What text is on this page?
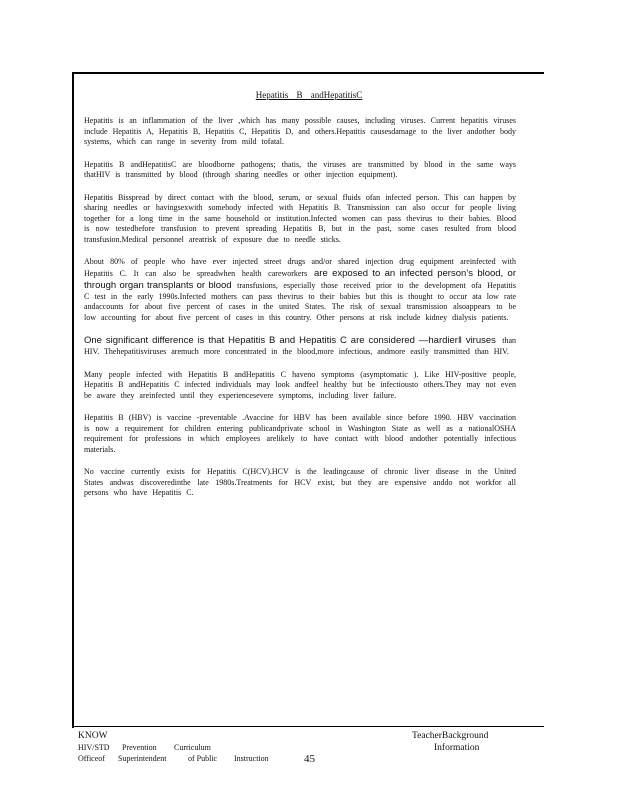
Hepatitis B andHepatitisC

Hepatitis is an inflammation of the liver ,which has many possible causes, including viruses. Current hepatitis viruses include Hepatitis A, Hepatitis B, Hepatitis C, Hepatitis D, and others.Hepatitis causesdamage to the liver andother body systems, which can range in severity from mild tofatal.

Hepatitis B andHepatitisC are bloodborne pathogens; thatis, the viruses are transmitted by blood in the same ways thatHIV is transmitted by blood (through sharing needles or other injection equipment).

Hepatitis Bisspread by direct contact with the blood, serum, or sexual fluids ofan infected person. This can happen by sharing needles or havingsexwith somebody infected with Hepatitis B. Transmission can also occur for people living together for a long time in the same household or institution.Infected women can pass thevirus to their babies. Blood is now testedbefore transfusion to prevent spreading Hepatitis B, but in the past, some cases resulted from blood transfusion.Medical personnel areatrisk of exposure due to needle sticks.

About 80% of people who have ever injected street drugs and/or shared injection drug equipment areinfected with Hepatitis C. It can also be spreadwhen health careworkers are exposed to an infected person’s blood, or through organ transplants or blood transfusions, especially those received prior to the development ofa Hepatitis C test in the early 1990s.Infected mothers can pass thevirus to their babies but this is thought to occur ata low rate andaccounts for about five percent of cases in the united States. The risk of sexual transmission alsoappears to be low accounting for about five percent of cases in this country. Other persons at risk include kidney dialysis patients.

One significant difference is that Hepatitis B and Hepatitis C are considered ―hardier‖ viruses than HIV. Thehepatitisviruses aremuch more concentrated in the blood,more infectious, andmore easily transmitted than HIV.

Many people infected with Hepatitis B andHepatitis C haveno symptoms (asymptomatic ). Like HIV-positive people, Hepatitis B andHepatitis C infected individuals may look andfeel healthy but be infectiousto others.They may not even be aware they areinfected until they experiencesevere symptoms, including liver failure.

Hepatitis B (HBV) is vaccine -preventable .Avaccine for HBV has been available since before 1990. HBV vaccination is now a requirement for children entering publicandprivate school in Washington State as well as a nationalOSHA requirement for professions in which employees arelikely to have contact with blood andother potentially infectious materials.

No vaccine currently exists for Hepatitis C(HCV).HCV is the leadingcause of chronic liver disease in the United States andwas discoveredinthe late 1980s.Treatments for HCV exist, but they are expensive anddo not workfor all persons who have Hepatitis C.

KNOW
HIV/STD Prevention Curriculum
Officeof Superintendent	of Public Instruction	45
TeacherBackground
Information
